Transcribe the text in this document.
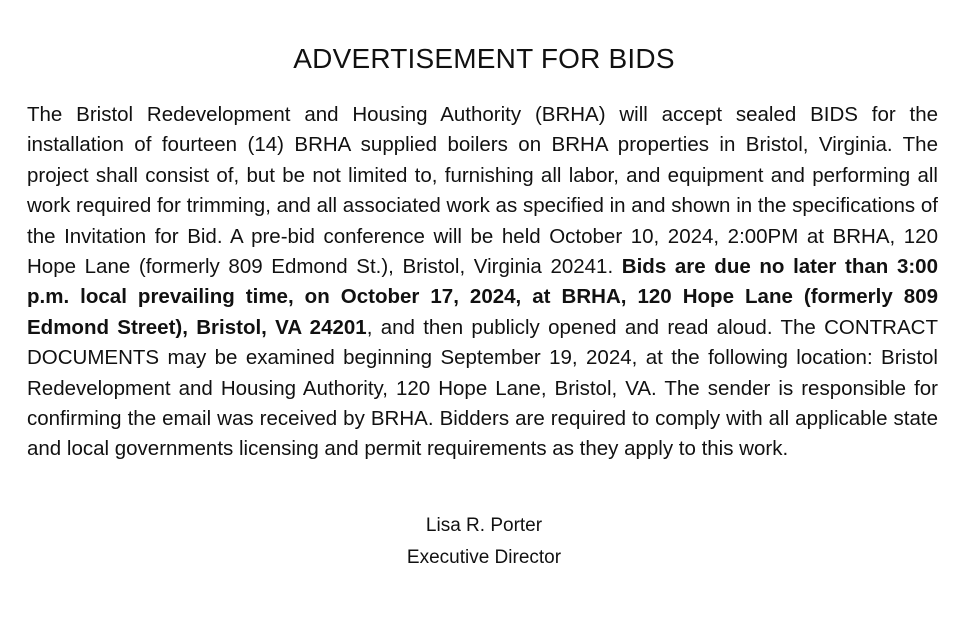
ADVERTISEMENT FOR BIDS

The Bristol Redevelopment and Housing Authority (BRHA) will accept sealed BIDS for the installation of fourteen (14) BRHA supplied boilers on BRHA properties in Bristol, Virginia. The project shall consist of, but be not limited to, furnishing all labor, and equipment and performing all work required for trimming, and all associated work as specified in and shown in the specifications of the Invitation for Bid. A pre-bid conference will be held October 10, 2024, 2:00PM at BRHA, 120 Hope Lane (formerly 809 Edmond St.), Bristol, Virginia 20241. Bids are due no later than 3:00 p.m. local prevailing time, on October 17, 2024, at BRHA, 120 Hope Lane (formerly 809 Edmond Street), Bristol, VA 24201, and then publicly opened and read aloud. The CONTRACT DOCUMENTS may be examined beginning September 19, 2024, at the following location: Bristol Redevelopment and Housing Authority, 120 Hope Lane, Bristol, VA. The sender is responsible for confirming the email was received by BRHA. Bidders are required to comply with all applicable state and local governments licensing and permit requirements as they apply to this work.

Lisa R. Porter

Executive Director
